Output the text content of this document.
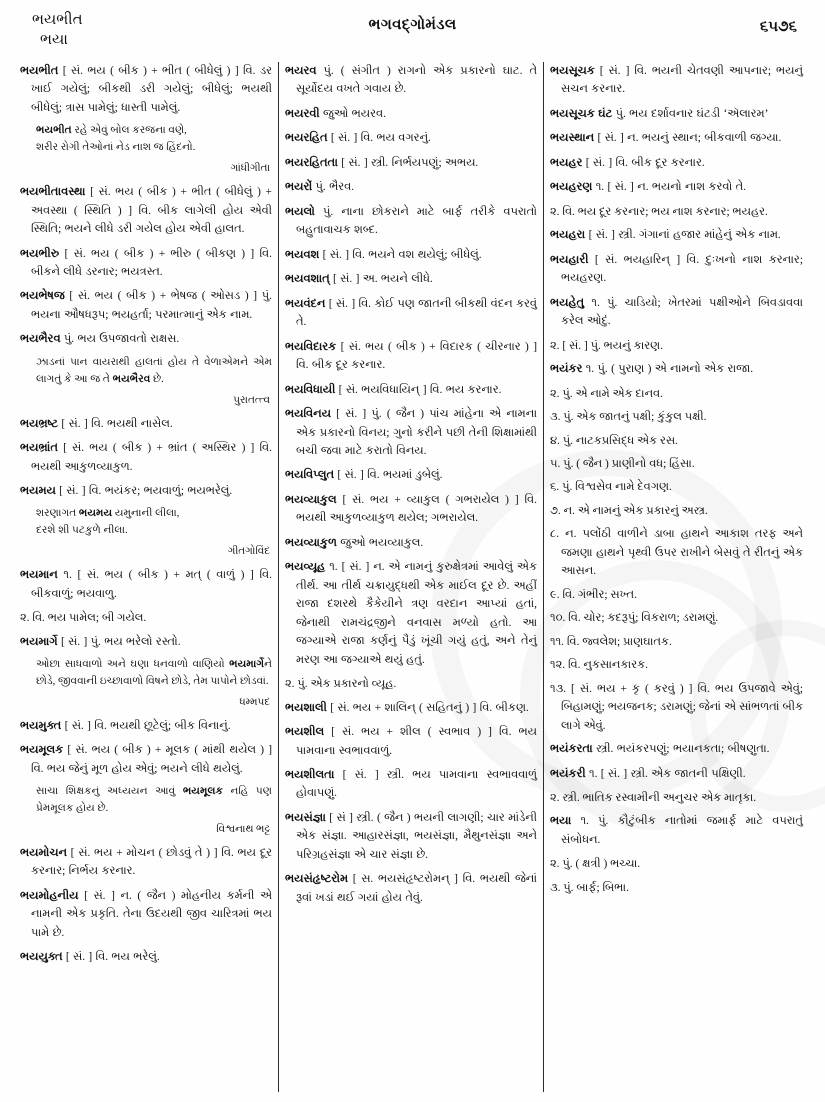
ભયભીત
ભયા
ભગવદ્ગોમંડલ	૬૫૭૬

ભયભીત [ સં. ભય ( બીક ) + ભીત ( બીધેલું ) ] વિ. ડર ખાઈ ગયેલું; બીકથી ડરી ગયેલું; બીધેલું; ભયથી બીધેલું; ત્રાસ પામેલું; ધાસ્તી પામેલું.

ભયભીત રહે એવું બોલ કરજના વણે,
શરીર રોગી તેઓનાં નેડ નાશ જ હિંદનો.

ગાંધીગીતા

ભયભીતાવસ્થા [ સં. ભય ( બીક ) + ભીત ( બીધેલું ) + અવસ્થા ( સ્થિતિ ) ] વિ. બીક લાગેલી હોય એવી સ્થિતિ; ભયને લીધે ડરી ગયેલ હોય એવી હાલત.

ભયભીરુ [ સં. ભય ( બીક ) + ભીરુ ( બીકણ ) ] વિ. બીકને લીધે ડરનાર; ભયત્રસ્ત.

ભયભેષજ [ સં. ભય ( બીક ) + ભેષજ ( ઓસડ ) ] પું. ભયના ઔષધરૂપ; ભયહર્તા; પરમાત્માનું એક નામ.

ભયભૈરવ પું. ભય ઉપજાવતો રાક્ષસ.

ઝાડનાં પાન વાયરાથી હાલતાં હોય તે વેળાએમને એમ લાગતું કે આ જ તે ભયભૈરવ છે.

પુરાતત્ત્વ

ભયભ્રષ્ટ [ સં. ] વિ. ભયથી નાસેલ.

ભયભ્રાંત [ સં. ભય ( બીક ) + ભ્રાંત ( અસ્થિર ) ] વિ. ભયથી આકુળવ્યાકુળ.

ભયમય [ સં. ] વિ. ભયંકર; ભયવાળું; ભયભરેલું.

શરણાગત ભયમય યમુનાની લીલા,
દરશે શી પટકુળે નીલા.

ગીતગોવિંદ

ભયમાન ૧. [ સં. ભય ( બીક ) + મત્ ( વાળું ) ] વિ. બીકવાળું; ભયવાળુ.

૨. વિ. ભય પામેલ; બી ગયેલ.

ભયમાર્ગે [ સં. ] પું. ભય ભરેલો રસ્તો.

ઓછા સાધવાળો અને ઘણા ધનવાળો વાણિયો ભયમાર્ગેને છોડે, જીવવાની ઇચ્છાવાળો વિષને છોડે, તેમ પાપોને છોડવાં.

ધમ્મપદ

ભયમુક્ત [ સં. ] વિ. ભયથી છૂટેલું; બીક વિનાનું.

ભયમૂલક [ સં. ભય ( બીક ) + મૂલક ( માંથી થયેલ ) ] વિ. ભય જેનું મૂળ હોય એવું; ભયને લીધે થયેલું.

સાચા શિક્ષકનું અધ્યયન આવું ભયમૂલક નહિ પણ પ્રેમમૂલક હોય છે.

વિશ્વનાથ ભટ્ટ

ભયમોચન [ સં. ભય + મોચન ( છોડવું તે ) ] વિ. ભય દૂર કરનાર; નિર્ભય કરનાર.

ભયમોહનીય [ સં. ] ન. ( જૈન ) મોહનીય કર્મની એ નામની એક પ્રકૃતિ. તેના ઉદયથી જીવ ચારિત્રમાં ભય પામે છે.

ભયયુક્ત [ સં. ] વિ. ભય ભરેલું.

ભયરવ પું. ( સંગીત ) રાગનો એક પ્રકારનો ઘાટ. તે સૂર્યોદય વખતે ગવાય છે.

ભયરવી જુઓ ભયરવ.

ભયરહિત [ સં. ] વિ. ભય વગરનું.

ભયરહિતતા [ સં. ] સ્ત્રી. નિર્ભયપણું; અભય.

ભયરોં પું. ભૈરવ.

ભયલો પું. નાના છોકરાને માટે બાર્ફ તરીકે વપરાતો બહુતાવાચક શબ્દ.

ભયવશ [ સં. ] વિ. ભયને વશ થયેલું; બીધેલું.

ભયવશાત્ [ સં. ] અ. ભયને લીધે.

ભયવંદન [ સં. ] વિ. કોઈ પણ જાતની બીકથી વંદન કરવું તે.

ભયવિદારક [ સં. ભય ( બીક ) + વિદારક ( ચીરનાર ) ] વિ. બીક દૂર કરનાર.

ભયવિધાયી [ સં. ભયવિધાયિન્ ] વિ. ભય કરનાર.

ભયવિનય [ સં. ] પું. ( જૈન ) પાંચ માંહેના એ નામના એક પ્રકારનો વિનય; ગુનો કરીને પછી તેની શિક્ષામાંથી બચી જવા માટે કરાતો વિનય.

ભયવિપ્લુત [ સં. ] વિ. ભયમાં ડુબેલું.

ભયવ્યાકુલ [ સં. ભય + વ્યાકુલ ( ગભરાયેલ ) ] વિ. ભયથી આકુળવ્યાકુળ થયેલ; ગભરાયેલ.

ભયવ્યાકુળ જુઓ ભયવ્યાકુલ.

ભયવ્યૂહ ૧. [ સં. ] ન. એ નામનું કુરુક્ષેત્રમાં આવેલું એક તીર્થ. આ તીર્થ ચક્રાયુદ્ધથી એક માઈલ દૂર છે. અહીં રાજા દશરથે કૈકેયીને ત્રણ વરદાન આપ્યાં હતાં, જેનાથી રામચંદ્રજીને વનવાસ મળ્યો હતો. આ જગ્યાએ રાજા કર્ણનું પૈડું ખૂંચી ગયું હતું, અને તેનું મરણ આ જગ્યાએ થયું હતું.

૨. પું. એક પ્રકારનો વ્યૂહ.

ભયશાલી [ સં. ભય + શાલિન્ ( સહિતનું ) ] વિ. બીકણ.

ભયશીલ [ સં. ભય + શીલ ( સ્વભાવ ) ] વિ. ભય પામવાના સ્વભાવવાળું.

ભયશીલતા [ સં. ] સ્ત્રી. ભય પામવાના સ્વભાવવાળું હોવાપણું.

ભયસંજ્ઞા [ સં ] સ્ત્રી. ( જૈન ) ભયની લાગણી; ચાર માંડેની એક સંજ્ઞા. આહારસંજ્ઞા, ભયસંજ્ઞા, મૈથુનસંજ્ઞા અને પરિગ્રહસંજ્ઞા એ ચાર સંજ્ઞા છે.

ભયસંહૃષ્ટરોમ [ સ. ભયસંહૃષ્ટરોમન્ ] વિ. ભયથી જેનાં રૂવાં ખડાં થઈ ગયાં હોય તેવું.

ભયસૂચક [ સં. ] વિ. ભયની ચેતવણી આપનાર; ભયનું સચન કરનાર.

ભયસૂચક ઘંટ પું. ભય દર્શાવનાર ઘંટડી ‘ઍલારમ’

ભયસ્થાન [ સં. ] ન. ભયનું સ્થાન; બીકવાળી જગ્યા.

ભયહર [ સં. ] વિ. બીક દૂર કરનાર.

ભયહરણ ૧. [ સં. ] ન. ભયનો નાશ કરવો તે.

૨. વિ. ભય દૂર કરનાર; ભય નાશ કરનાર; ભયહર.

ભયહરા [ સં. ] સ્ત્રી. ગંગાનાં હજાર માંહેનું એક નામ.

ભયહારી [ સં. ભયહારિન્ ] વિ. દુઃખનો નાશ કરનાર; ભયહરણ.

ભયહેતુ ૧. પું. ચાડિયો; ખેતરમાં પક્ષીઓને બિવડાવવા કરેલ ઓદું.

૨. [ સં. ] પું. ભયનું કારણ.

ભયંકર ૧. પું. ( પુરાણ ) એ નામનો એક રાજા.

૨. પું. એ નામે એક દાનવ.

૩. પું. એક જાતનું પક્ષી; કુંકુલ પક્ષી.

૪. પું. નાટકપ્રસિદ્ધ એક રસ.

૫. પું. ( જૈન ) પ્રાણીનો વધ; હિંસા.

૬. પું. વિશ્વસેવ નામે દેવગણ.

૭. ન. એ નામનું એક પ્રકારનું અસ્ત્ર.

૮. ન. પલોંઠી વાળીને ડાબા હાથને આકાશ તરફ અને જમણા હાથને પૃથ્વી ઉપર રાખીને બેસવું તે રીતનું એક આસન.

૯. વિ. ગંભીર; સખ્ત.

૧૦. વિ. ચોર; કદરૂપું; વિકરાળ; ડરામણું.

૧૧. વિ. જ્વલેશ; પ્રાણઘાતક.

૧૨. વિ. નુકસાનકારક.

૧૩. [ સં. ભય + કૃ ( કરવું ) ] વિ. ભય ઉપજાવે એવું; બિહામણું; ભયજનક; ડરામણું; જેનાં એ સાંભળતાં બીક લાગે એવું.

ભયંકરતા સ્ત્રી. ભયંકરપણું; ભયાનકતા; બીષણુતા.

ભયંકરી ૧. [ સં. ] સ્ત્રી. એક જાતની પક્ષિણી.

૨. સ્ત્રી. ભાતિક રસ્વામીની અનુચર એક માતૃકા.

ભયા ૧. પું. કૌટુંબીક નાતોમાં જમાર્ફ માટે વપરાતું સંબોધન.

૨. પું. ( ક્ષત્રી ) ભચ્ચા.

૩. પું. બાર્ફ; બિભા.
